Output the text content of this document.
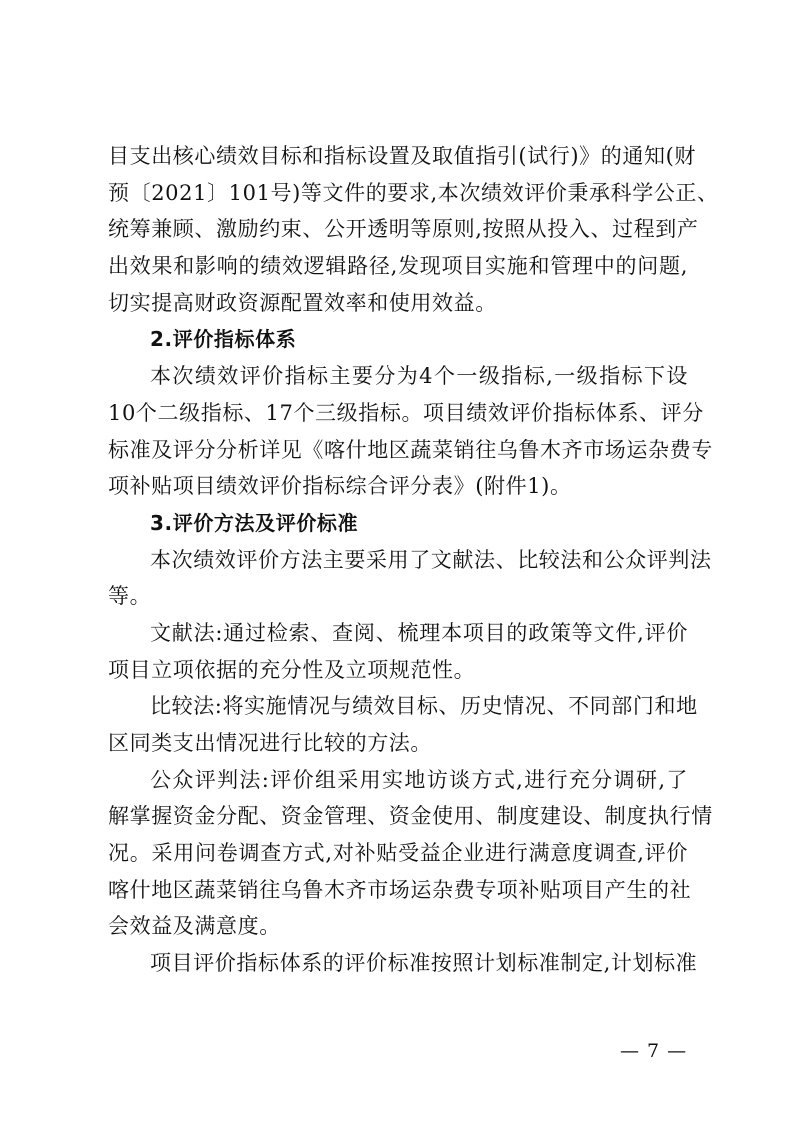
目支出核心绩效目标和指标设置及取值指引(试行)》的通知(财
预〔2021〕101号)等文件的要求,本次绩效评价秉承科学公正、
统筹兼顾、激励约束、公开透明等原则,按照从投入、过程到产
出效果和影响的绩效逻辑路径,发现项目实施和管理中的问题,
切实提高财政资源配置效率和使用效益。
2.评价指标体系
本次绩效评价指标主要分为4个一级指标,一级指标下设
10个二级指标、17个三级指标。项目绩效评价指标体系、评分
标准及评分分析详见《喀什地区蔬菜销往乌鲁木齐市场运杂费专
项补贴项目绩效评价指标综合评分表》(附件1)。
3.评价方法及评价标准
本次绩效评价方法主要采用了文献法、比较法和公众评判法
等。
文献法:通过检索、查阅、梳理本项目的政策等文件,评价
项目立项依据的充分性及立项规范性。
比较法:将实施情况与绩效目标、历史情况、不同部门和地
区同类支出情况进行比较的方法。
公众评判法:评价组采用实地访谈方式,进行充分调研,了
解掌握资金分配、资金管理、资金使用、制度建设、制度执行情
况。采用问卷调查方式,对补贴受益企业进行满意度调查,评价
喀什地区蔬菜销往乌鲁木齐市场运杂费专项补贴项目产生的社
会效益及满意度。
项目评价指标体系的评价标准按照计划标准制定,计划标准
— 7 —
